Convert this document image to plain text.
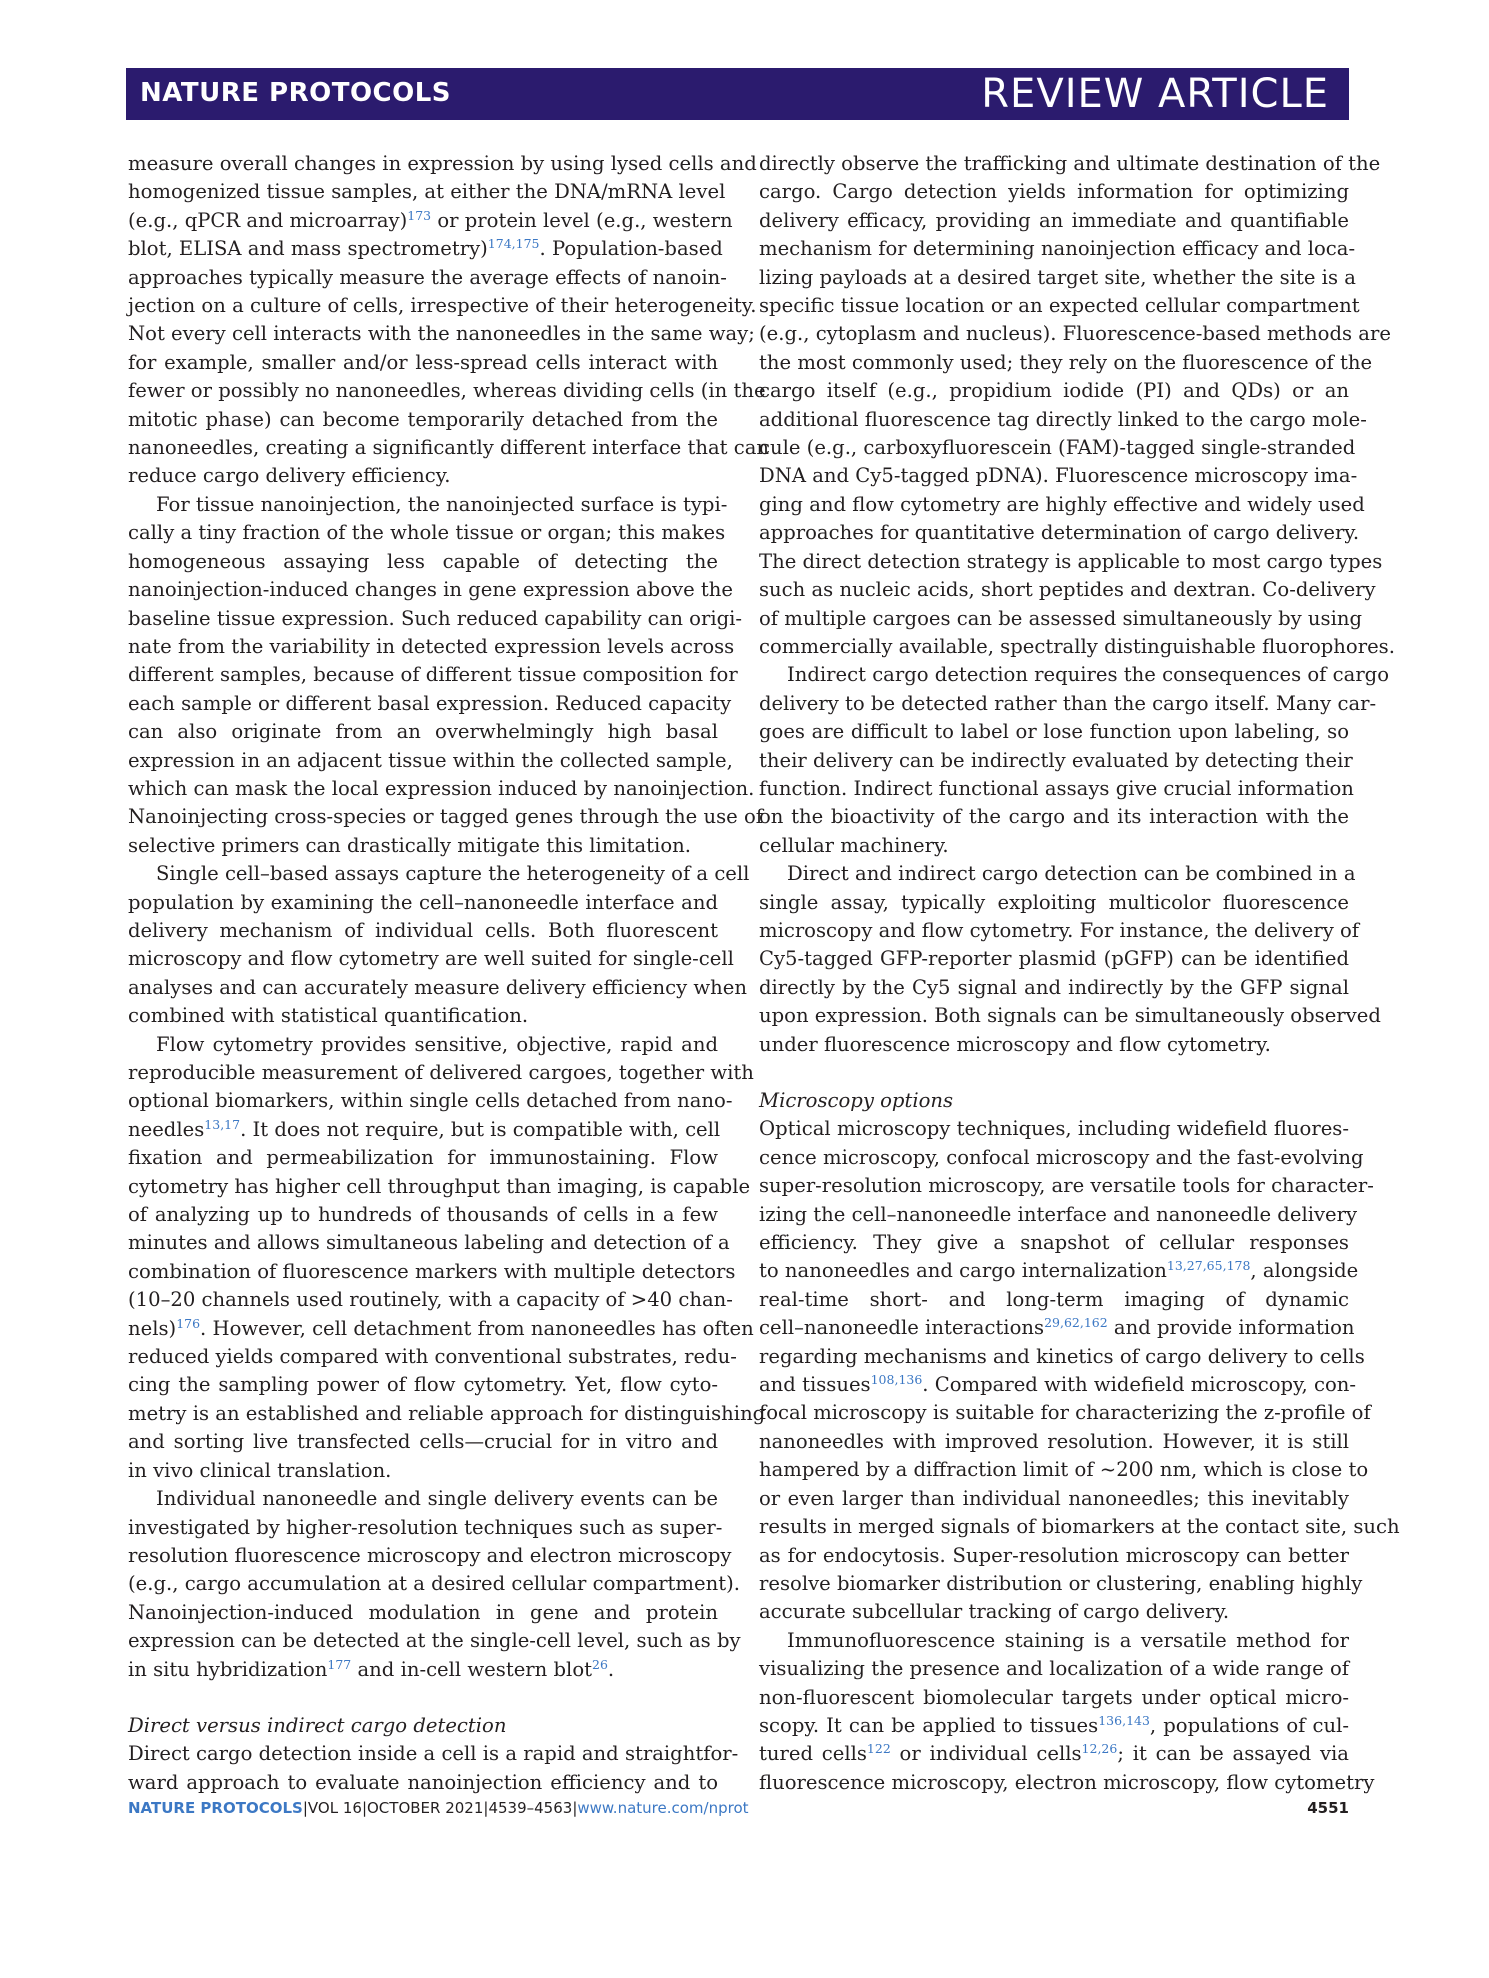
NATURE PROTOCOLS	REVIEW ARTICLE
measure overall changes in expression by using lysed cells and
homogenized tissue samples, at either the DNA/mRNA level
(e.g., qPCR and microarray)$^{173}$ or protein level (e.g., western
blot, ELISA and mass spectrometry)$^{174,175}$. Population-based
approaches typically measure the average effects of nanoin-
jection on a culture of cells, irrespective of their heterogeneity.
Not every cell interacts with the nanoneedles in the same way;
for example, smaller and/or less-spread cells interact with
fewer or possibly no nanoneedles, whereas dividing cells (in the
mitotic phase) can become temporarily detached from the
nanoneedles, creating a significantly different interface that can
reduce cargo delivery efficiency.
For tissue nanoinjection, the nanoinjected surface is typi-
cally a tiny fraction of the whole tissue or organ; this makes
homogeneous assaying less capable of detecting the
nanoinjection-induced changes in gene expression above the
baseline tissue expression. Such reduced capability can origi-
nate from the variability in detected expression levels across
different samples, because of different tissue composition for
each sample or different basal expression. Reduced capacity
can also originate from an overwhelmingly high basal
expression in an adjacent tissue within the collected sample,
which can mask the local expression induced by nanoinjection.
Nanoinjecting cross-species or tagged genes through the use of
selective primers can drastically mitigate this limitation.
Single cell–based assays capture the heterogeneity of a cell
population by examining the cell–nanoneedle interface and
delivery mechanism of individual cells. Both fluorescent
microscopy and flow cytometry are well suited for single-cell
analyses and can accurately measure delivery efficiency when
combined with statistical quantification.
Flow cytometry provides sensitive, objective, rapid and
reproducible measurement of delivered cargoes, together with
optional biomarkers, within single cells detached from nano-
needles$^{13,17}$. It does not require, but is compatible with, cell
fixation and permeabilization for immunostaining. Flow
cytometry has higher cell throughput than imaging, is capable
of analyzing up to hundreds of thousands of cells in a few
minutes and allows simultaneous labeling and detection of a
combination of fluorescence markers with multiple detectors
(10–20 channels used routinely, with a capacity of >40 chan-
nels)$^{176}$. However, cell detachment from nanoneedles has often
reduced yields compared with conventional substrates, redu-
cing the sampling power of flow cytometry. Yet, flow cyto-
metry is an established and reliable approach for distinguishing
and sorting live transfected cells—crucial for in vitro and
in vivo clinical translation.
Individual nanoneedle and single delivery events can be
investigated by higher-resolution techniques such as super-
resolution fluorescence microscopy and electron microscopy
(e.g., cargo accumulation at a desired cellular compartment).
Nanoinjection-induced modulation in gene and protein
expression can be detected at the single-cell level, such as by
in situ hybridization$^{177}$ and in-cell western blot$^{26}$.
Direct versus indirect cargo detection
Direct cargo detection inside a cell is a rapid and straightfor-
ward approach to evaluate nanoinjection efficiency and to
directly observe the trafficking and ultimate destination of the
cargo. Cargo detection yields information for optimizing
delivery efficacy, providing an immediate and quantifiable
mechanism for determining nanoinjection efficacy and loca-
lizing payloads at a desired target site, whether the site is a
specific tissue location or an expected cellular compartment
(e.g., cytoplasm and nucleus). Fluorescence-based methods are
the most commonly used; they rely on the fluorescence of the
cargo itself (e.g., propidium iodide (PI) and QDs) or an
additional fluorescence tag directly linked to the cargo mole-
cule (e.g., carboxyfluorescein (FAM)-tagged single-stranded
DNA and Cy5-tagged pDNA). Fluorescence microscopy ima-
ging and flow cytometry are highly effective and widely used
approaches for quantitative determination of cargo delivery.
The direct detection strategy is applicable to most cargo types
such as nucleic acids, short peptides and dextran. Co-delivery
of multiple cargoes can be assessed simultaneously by using
commercially available, spectrally distinguishable fluorophores.
Indirect cargo detection requires the consequences of cargo
delivery to be detected rather than the cargo itself. Many car-
goes are difficult to label or lose function upon labeling, so
their delivery can be indirectly evaluated by detecting their
function. Indirect functional assays give crucial information
on the bioactivity of the cargo and its interaction with the
cellular machinery.
Direct and indirect cargo detection can be combined in a
single assay, typically exploiting multicolor fluorescence
microscopy and flow cytometry. For instance, the delivery of
Cy5-tagged GFP-reporter plasmid (pGFP) can be identified
directly by the Cy5 signal and indirectly by the GFP signal
upon expression. Both signals can be simultaneously observed
under fluorescence microscopy and flow cytometry.
Microscopy options
Optical microscopy techniques, including widefield fluores-
cence microscopy, confocal microscopy and the fast-evolving
super-resolution microscopy, are versatile tools for character-
izing the cell–nanoneedle interface and nanoneedle delivery
efficiency. They give a snapshot of cellular responses
to nanoneedles and cargo internalization$^{13,27,65,178}$, alongside
real-time short- and long-term imaging of dynamic
cell–nanoneedle interactions$^{29,62,162}$ and provide information
regarding mechanisms and kinetics of cargo delivery to cells
and tissues$^{108,136}$. Compared with widefield microscopy, con-
focal microscopy is suitable for characterizing the z-profile of
nanoneedles with improved resolution. However, it is still
hampered by a diffraction limit of ~200 nm, which is close to
or even larger than individual nanoneedles; this inevitably
results in merged signals of biomarkers at the contact site, such
as for endocytosis. Super-resolution microscopy can better
resolve biomarker distribution or clustering, enabling highly
accurate subcellular tracking of cargo delivery.
Immunofluorescence staining is a versatile method for
visualizing the presence and localization of a wide range of
non-fluorescent biomolecular targets under optical micro-
scopy. It can be applied to tissues$^{136,143}$, populations of cul-
tured cells$^{122}$ or individual cells$^{12,26}$; it can be assayed via
fluorescence microscopy, electron microscopy, flow cytometry
NATURE PROTOCOLS|VOL 16|OCTOBER 2021|4539–4563|www.nature.com/nprot	4551
